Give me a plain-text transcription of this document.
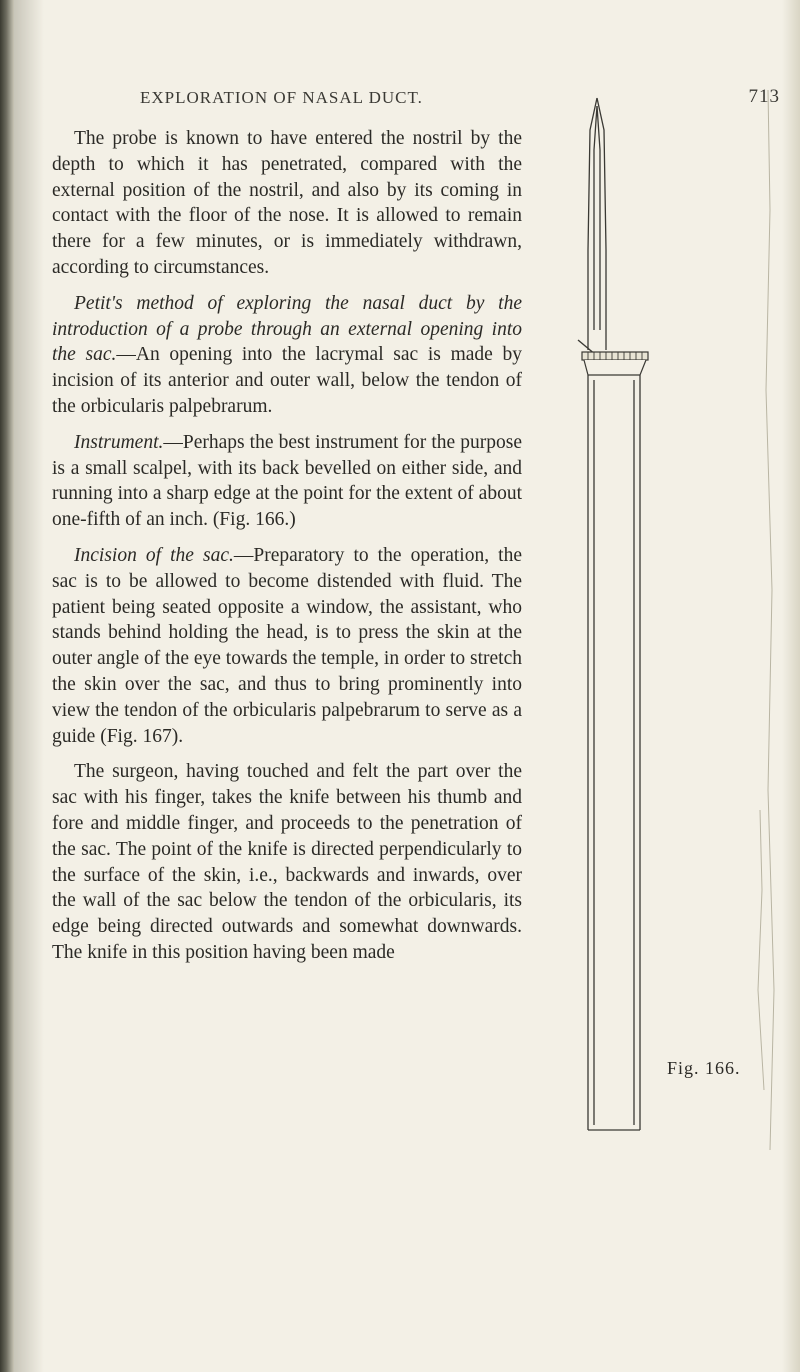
EXPLORATION OF NASAL DUCT.	713

The probe is known to have entered the nostril by the depth to which it has penetrated, compared with the external position of the nostril, and also by its coming in contact with the floor of the nose. It is allowed to remain there for a few minutes, or is immediately withdrawn, according to circumstances.

Petit's method of exploring the nasal duct by the introduction of a probe through an external opening into the sac.—An opening into the lacrymal sac is made by incision of its anterior and outer wall, below the tendon of the orbicularis palpebrarum.

Instrument.—Perhaps the best instrument for the purpose is a small scalpel, with its back bevelled on either side, and running into a sharp edge at the point for the extent of about one-fifth of an inch. (Fig. 166.)

Incision of the sac.—Preparatory to the operation, the sac is to be allowed to become distended with fluid. The patient being seated opposite a window, the assistant, who stands behind holding the head, is to press the skin at the outer angle of the eye towards the temple, in order to stretch the skin over the sac, and thus to bring prominently into view the tendon of the orbicularis palpebrarum to serve as a guide (Fig. 167).

The surgeon, having touched and felt the part over the sac with his finger, takes the knife between his thumb and fore and middle finger, and proceeds to the penetration of the sac. The point of the knife is directed perpendicularly to the surface of the skin, i.e., backwards and inwards, over the wall of the sac below the tendon of the orbicularis, its edge being directed outwards and somewhat downwards. The knife in this position having been made

Fig. 166.
